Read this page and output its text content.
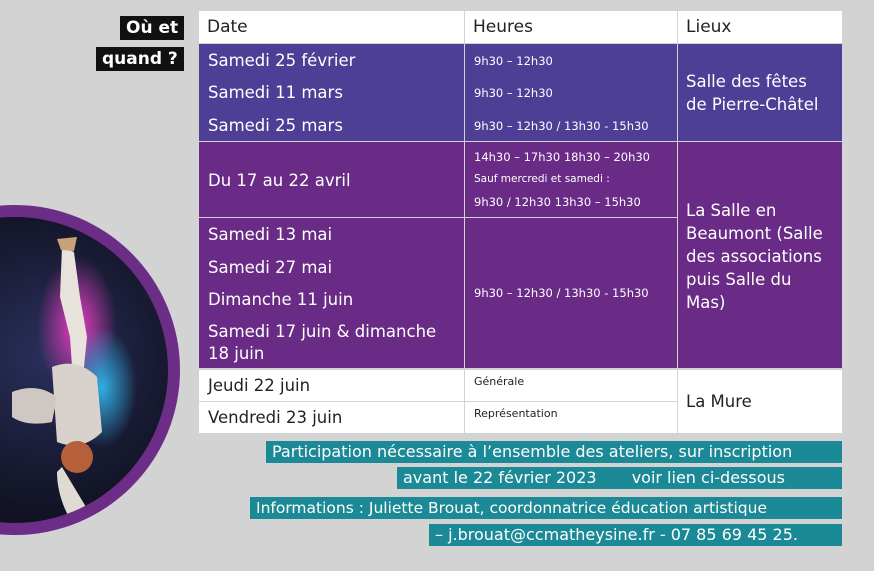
Où et
quand ?
Date	Heures	Lieux
Samedi 25 février
Samedi 11 mars
Samedi 25 mars
9h30 – 12h30
9h30 – 12h30
9h30 – 12h30 / 13h30 - 15h30
Salle des fêtes
de Pierre-Châtel
Du 17 au 22 avril
14h30 – 17h30 18h30 – 20h30
Sauf mercredi et samedi :
9h30 / 12h30 13h30 – 15h30
Samedi 13 mai
Samedi 27 mai
Dimanche 11 juin
Samedi 17 juin & dimanche
18 juin
9h30 – 12h30 / 13h30 - 15h30
La Salle en
Beaumont (Salle
des associations
puis Salle du
Mas)
Jeudi 22 juin
Vendredi 23 juin
Générale
Représentation
La Mure
Participation nécessaire à l’ensemble des ateliers, sur inscription
avant le 22 février 2023 voir lien ci-dessous
Informations : Juliette Brouat, coordonnatrice éducation artistique
– j.brouat@ccmatheysine.fr - 07 85 69 45 25.
